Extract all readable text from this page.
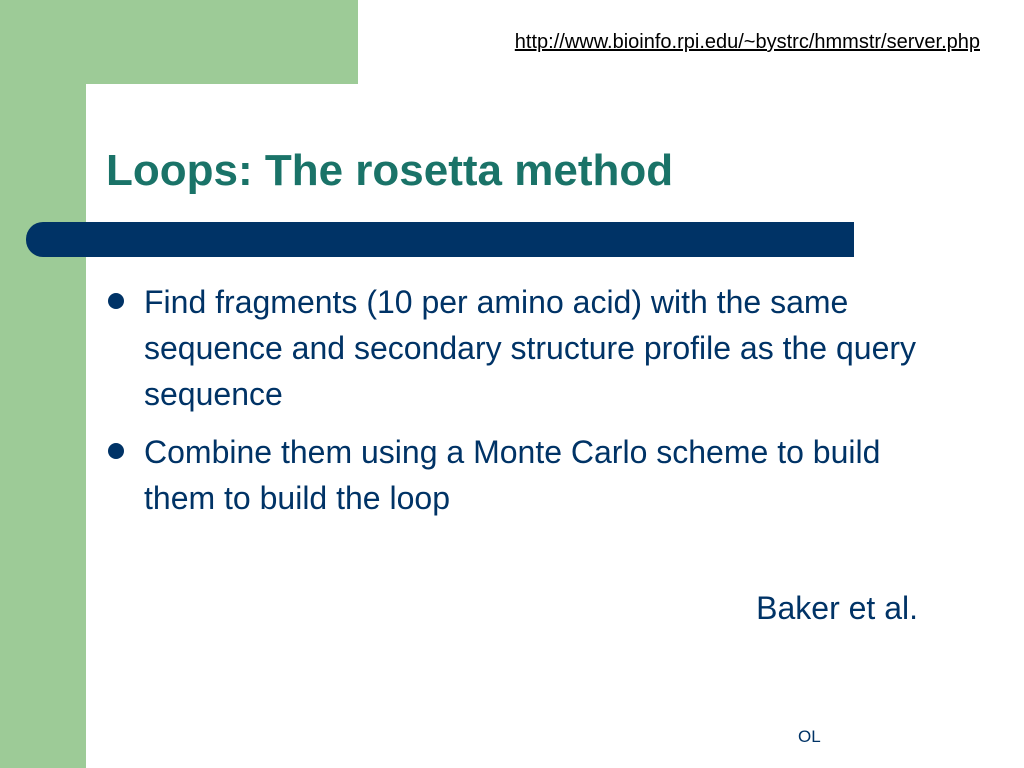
http://www.bioinfo.rpi.edu/~bystrc/hmmstr/server.php
Loops: The rosetta method
Find fragments (10 per amino acid) with the same sequence and secondary structure profile as the query sequence
Combine them using a Monte Carlo scheme to build them to build the loop
Baker et al.
OL
